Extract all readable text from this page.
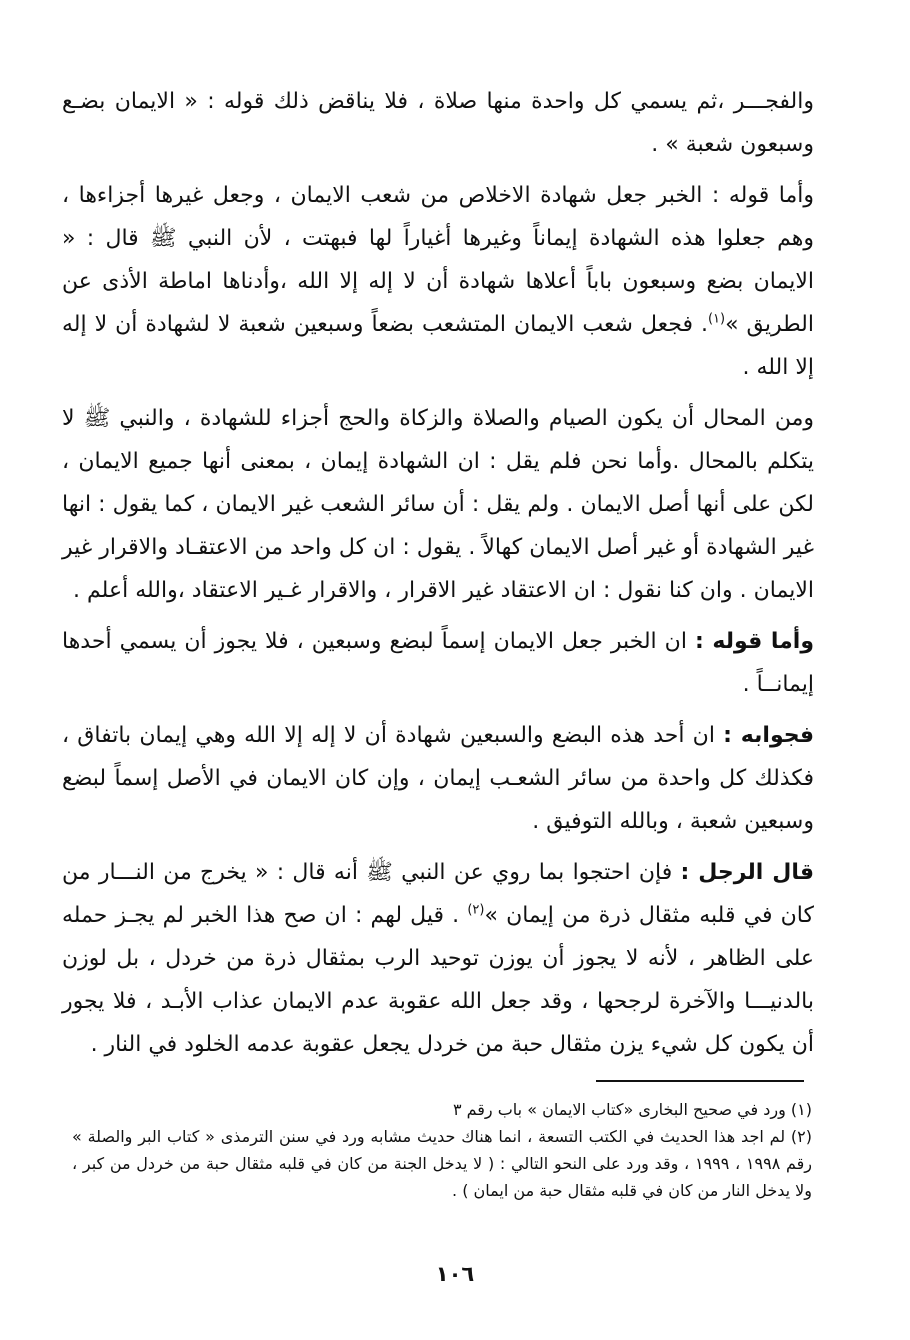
والفجـــر ،ثم يسمي كل واحدة منها صلاة ، فلا يناقض ذلك قوله : « الايمان بضـع وسبعون شعبة » .

وأما قوله : الخبر جعل شهادة الاخلاص من شعب الايمان ، وجعل غيرها أجزاءها ، وهم جعلوا هذه الشهادة إيماناً وغيرها أغياراً لها فبهتت ، لأن النبي ﷺ قال : « الايمان بضع وسبعون باباً أعلاها شهادة أن لا إله إلا الله ،وأدناها اماطة الأذى عن الطريق »$^{(١)}$. فجعل شعب الايمان المتشعب بضعاً وسبعين شعبة لا لشهادة أن لا إله إلا الله .

ومن المحال أن يكون الصيام والصلاة والزكاة والحج أجزاء للشهادة ، والنبي ﷺ لا يتكلم بالمحال .وأما نحن فلم يقل : ان الشهادة إيمان ، بمعنى أنها جميع الايمان ، لكن على أنها أصل الايمان . ولم يقل : أن سائر الشعب غير الايمان ، كما يقول : انها غير الشهادة أو غير أصل الايمان كهالاً . يقول : ان كل واحد من الاعتقـاد والاقرار غير الايمان . وان كنا نقول : ان الاعتقاد غير الاقرار ، والاقرار غـير الاعتقاد ،والله أعلم .

وأما قوله : ان الخبر جعل الايمان إسماً لبضع وسبعين ، فلا يجوز أن يسمي أحدها إيمانــاً .

فجوابه : ان أحد هذه البضع والسبعين شهادة أن لا إله إلا الله وهي إيمان باتفاق ، فكذلك كل واحدة من سائر الشعـب إيمان ، وإن كان الايمان في الأصل إسماً لبضع وسبعين شعبة ، وبالله التوفيق .

قال الرجل : فإن احتجوا بما روي عن النبي ﷺ أنه قال : « يخرج من النـــار من كان في قلبه مثقال ذرة من إيمان »$^{(٢)}$ . قيل لهم : ان صح هذا الخبر لم يجـز حمله على الظاهر ، لأنه لا يجوز أن يوزن توحيد الرب بمثقال ذرة من خردل ، بل لوزن بالدنيـــا والآخرة لرجحها ، وقد جعل الله عقوبة عدم الايمان عذاب الأبـد ، فلا يجور أن يكون كل شيء يزن مثقال حبة من خردل يجعل عقوبة عدمه الخلود في النار .

(١) ورد في صحيح البخارى «كتاب الايمان » باب رقم ٣

(٢) لم اجد هذا الحديث في الكتب التسعة ، انما هناك حديث مشابه ورد في سنن الترمذى « كتاب البر والصلة » رقم ١٩٩٨ ، ١٩٩٩ ، وقد ورد على النحو التالي : ( لا يدخل الجنة من كان في قلبه مثقال حبة من خردل من كبر ، ولا يدخل النار من كان في قلبه مثقال حبة من ايمان ) .

١٠٦
